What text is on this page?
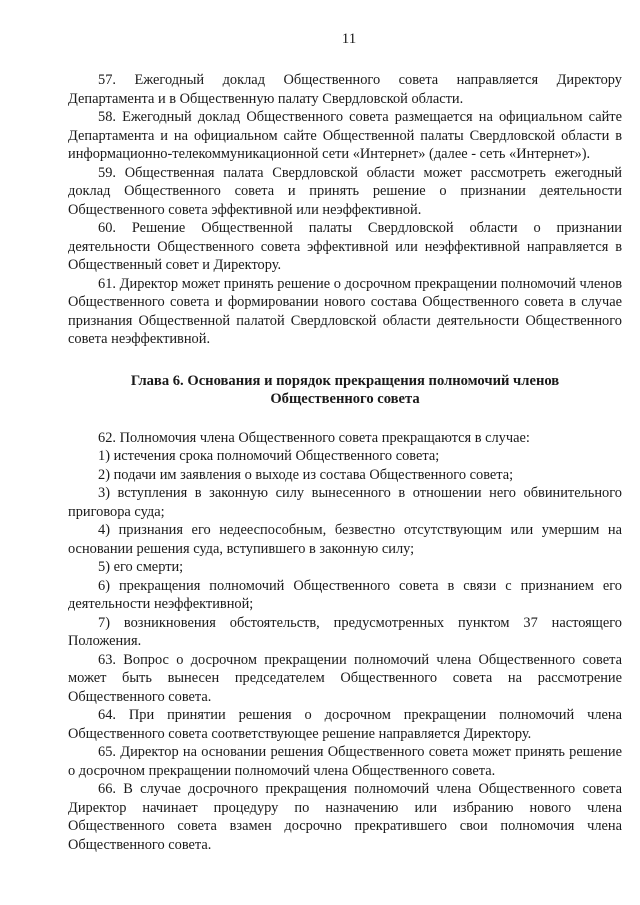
11

57. Ежегодный доклад Общественного совета направляется Директору Департамента и в Общественную палату Свердловской области.

58. Ежегодный доклад Общественного совета размещается на официальном сайте Департамента и на официальном сайте Общественной палаты Свердловской области в информационно-телекоммуникационной сети «Интернет» (далее - сеть «Интернет»).

59. Общественная палата Свердловской области может рассмотреть ежегодный доклад Общественного совета и принять решение о признании деятельности Общественного совета эффективной или неэффективной.

60. Решение Общественной палаты Свердловской области о признании деятельности Общественного совета эффективной или неэффективной направляется в Общественный совет и Директору.

61. Директор может принять решение о досрочном прекращении полномочий членов Общественного совета и формировании нового состава Общественного совета в случае признания Общественной палатой Свердловской области деятельности Общественного совета неэффективной.

Глава 6. Основания и порядок прекращения полномочий членов
Общественного совета

62. Полномочия члена Общественного совета прекращаются в случае:

1) истечения срока полномочий Общественного совета;

2) подачи им заявления о выходе из состава Общественного совета;

3) вступления в законную силу вынесенного в отношении него обвинительного приговора суда;

4) признания его недееспособным, безвестно отсутствующим или умершим на основании решения суда, вступившего в законную силу;

5) его смерти;

6) прекращения полномочий Общественного совета в связи с признанием его деятельности неэффективной;

7) возникновения обстоятельств, предусмотренных пунктом 37 настоящего Положения.

63. Вопрос о досрочном прекращении полномочий члена Общественного совета может быть вынесен председателем Общественного совета на рассмотрение Общественного совета.

64. При принятии решения о досрочном прекращении полномочий члена Общественного совета соответствующее решение направляется Директору.

65. Директор на основании решения Общественного совета может принять решение о досрочном прекращении полномочий члена Общественного совета.

66. В случае досрочного прекращения полномочий члена Общественного совета Директор начинает процедуру по назначению или избранию нового члена Общественного совета взамен досрочно прекратившего свои полномочия члена Общественного совета.
